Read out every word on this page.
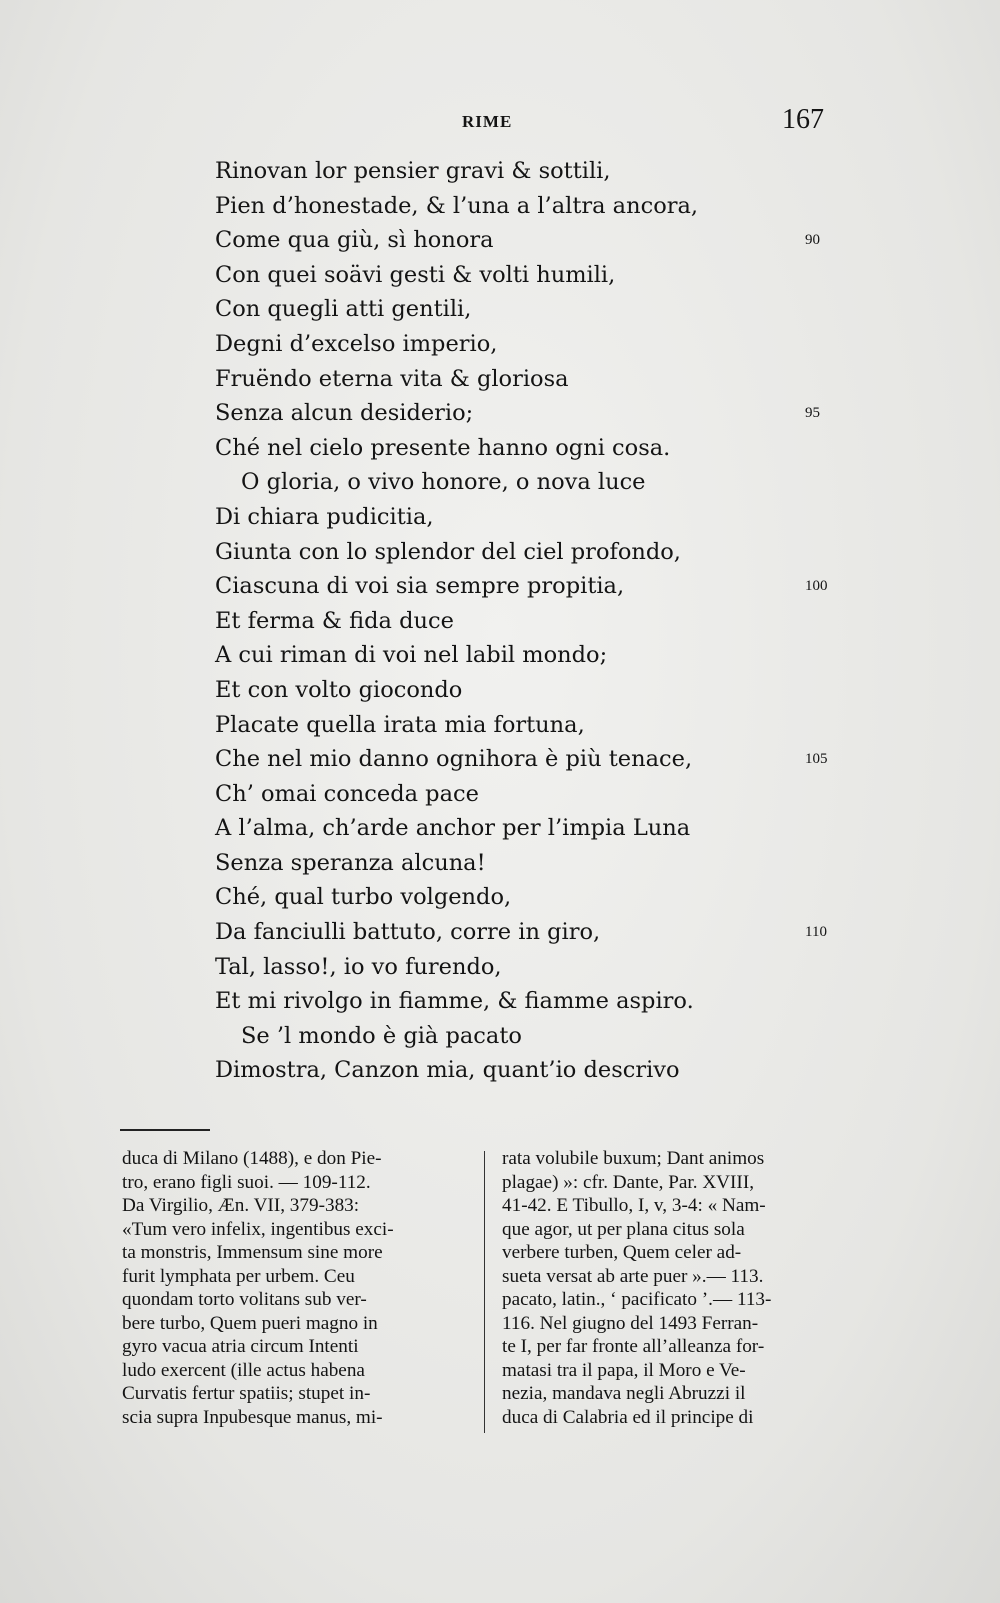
RIME	167
Rinovan lor pensier gravi & sottili,
Pien d’honestade, & l’una a l’altra ancora,
Come qua giù, sì honora	90
Con quei soävi gesti & volti humili,
Con quegli atti gentili,
Degni d’excelso imperio,
Fruëndo eterna vita & gloriosa
Senza alcun desiderio;	95
Ché nel cielo presente hanno ogni cosa.
O gloria, o vivo honore, o nova luce
Di chiara pudicitia,
Giunta con lo splendor del ciel profondo,
Ciascuna di voi sia sempre propitia,	100
Et ferma & fida duce
A cui riman di voi nel labil mondo;
Et con volto giocondo
Placate quella irata mia fortuna,
Che nel mio danno ognihora è più tenace,	105
Ch’ omai conceda pace
A l’alma, ch’arde anchor per l’impia Luna
Senza speranza alcuna!
Ché, qual turbo volgendo,
Da fanciulli battuto, corre in giro,	110
Tal, lasso!, io vo furendo,
Et mi rivolgo in fiamme, & fiamme aspiro.
Se ’l mondo è già pacato
Dimostra, Canzon mia, quant’io descrivo
duca di Milano (1488), e don Pie-
tro, erano figli suoi. — 109-112.
Da Virgilio, Æn. VII, 379-383:
«Tum vero infelix, ingentibus exci-
ta monstris, Immensum sine more
furit lymphata per urbem. Ceu
quondam torto volitans sub ver-
bere turbo, Quem pueri magno in
gyro vacua atria circum Intenti
ludo exercent (ille actus habena
Curvatis fertur spatiis; stupet in-
scia supra Inpubesque manus, mi-
rata volubile buxum; Dant animos
plagae) »: cfr. Dante, Par. XVIII,
41-42. E Tibullo, I, v, 3-4: « Nam-
que agor, ut per plana citus sola
verbere turben, Quem celer ad-
sueta versat ab arte puer ».— 113.
pacato, latin., ‘ pacificato ’.— 113-
116. Nel giugno del 1493 Ferran-
te I, per far fronte all’alleanza for-
matasi tra il papa, il Moro e Ve-
nezia, mandava negli Abruzzi il
duca di Calabria ed il principe di
